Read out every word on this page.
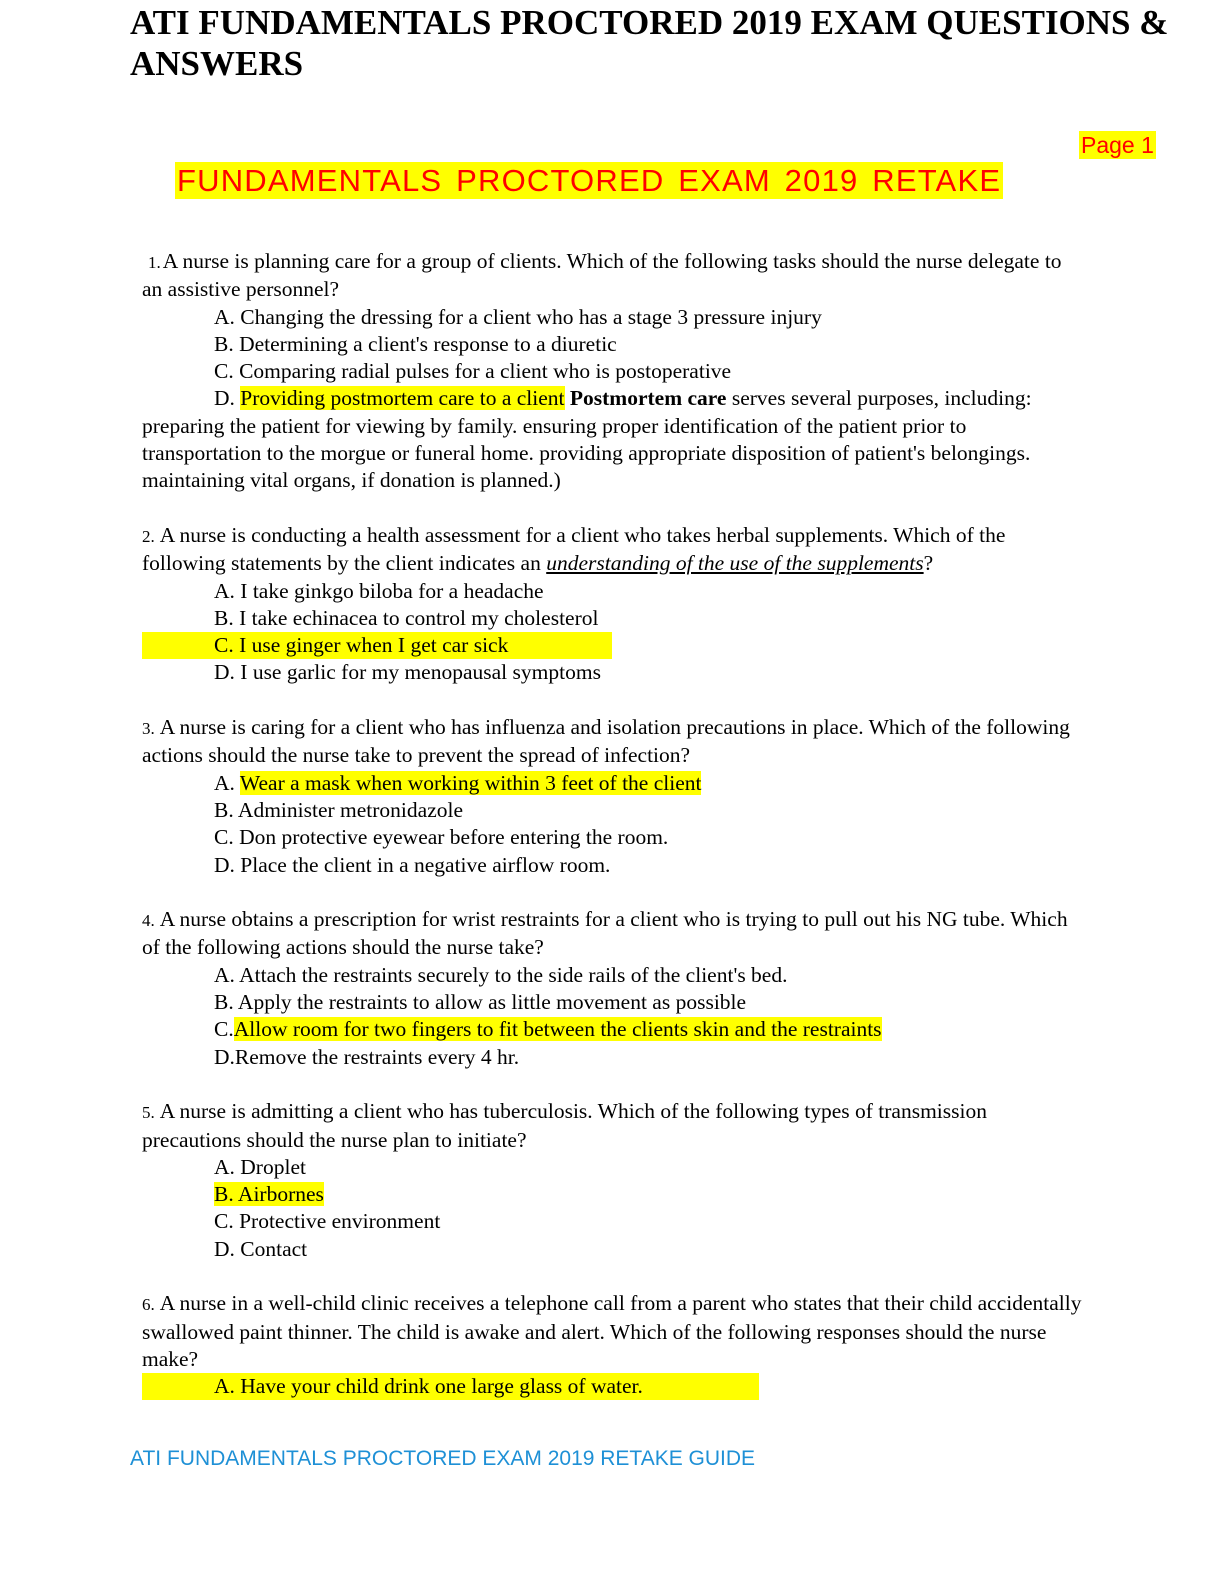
ATI FUNDAMENTALS PROCTORED 2019 EXAM QUESTIONS & ANSWERS
Page 1
FUNDAMENTALS PROCTORED EXAM 2019 RETAKE

1.A nurse is planning care for a group of clients. Which of the following tasks should the nurse delegate to an assistive personnel?

A. Changing the dressing for a client who has a stage 3 pressure injury
B. Determining a client's response to a diuretic
C. Comparing radial pulses for a client who is postoperative

D. Providing postmortem care to a client Postmortem care serves several purposes, including: preparing the patient for viewing by family. ensuring proper identification of the patient prior to transportation to the morgue or funeral home. providing appropriate disposition of patient's belongings. maintaining vital organs, if donation is planned.)

2. A nurse is conducting a health assessment for a client who takes herbal supplements. Which of the following statements by the client indicates an understanding of the use of the supplements?

A. I take ginkgo biloba for a headache
B. I take echinacea to control my cholesterol
C. I use ginger when I get car sick
D. I use garlic for my menopausal symptoms

3. A nurse is caring for a client who has influenza and isolation precautions in place. Which of the following actions should the nurse take to prevent the spread of infection?

A. Wear a mask when working within 3 feet of the client
B. Administer metronidazole
C. Don protective eyewear before entering the room.
D. Place the client in a negative airflow room.

4. A nurse obtains a prescription for wrist restraints for a client who is trying to pull out his NG tube. Which of the following actions should the nurse take?

A. Attach the restraints securely to the side rails of the client's bed.
B. Apply the restraints to allow as little movement as possible
C.Allow room for two fingers to fit between the clients skin and the restraints
D.Remove the restraints every 4 hr.

5. A nurse is admitting a client who has tuberculosis. Which of the following types of transmission precautions should the nurse plan to initiate?

A. Droplet
B. Airbornes
C. Protective environment
D. Contact

6. A nurse in a well-child clinic receives a telephone call from a parent who states that their child accidentally swallowed paint thinner. The child is awake and alert. Which of the following responses should the nurse make?

A. Have your child drink one large glass of water.
ATI FUNDAMENTALS PROCTORED EXAM 2019 RETAKE GUIDE
